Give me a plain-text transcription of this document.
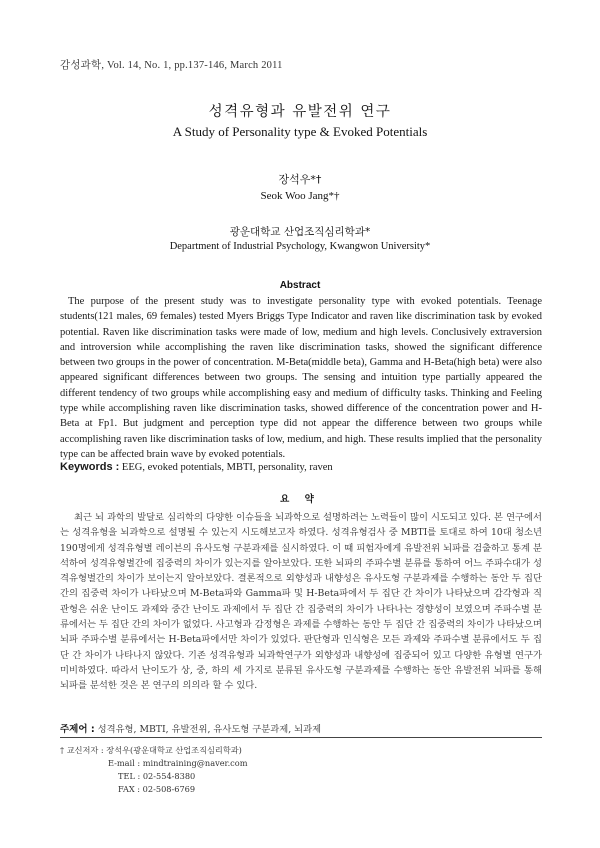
감성과학, Vol. 14, No. 1, pp.137-146, March 2011
성격유형과 유발전위 연구
A Study of Personality type & Evoked Potentials
장석우*†
Seok Woo Jang*†
광운대학교 산업조직심리학과*
Department of Industrial Psychology, Kwangwon University*
Abstract

The purpose of the present study was to investigate personality type with evoked potentials. Teenage students(121 males, 69 females) tested Myers Briggs Type Indicator and raven like discrimination task by evoked potential. Raven like discrimination tasks were made of low, medium and high levels. Conclusively extraversion and introversion while accomplishing the raven like discrimination tasks, showed the significant difference between two groups in the power of concentration. M-Beta(middle beta), Gamma and H-Beta(high beta) were also appeared significant differences between two groups. The sensing and intuition type partially appeared the different tendency of two groups while accomplishing easy and medium of difficulty tasks. Thinking and Feeling type while accomplishing raven like discrimination tasks, showed difference of the concentration power and H-Beta at Fp1. But judgment and perception type did not appear the difference between two groups while accomplishing raven like discrimination tasks of low, medium, and high. These results implied that the personality type can be affected brain wave by evoked potentials.

Keywords : EEG, evoked potentials, MBTI, personality, raven
요 약

최근 뇌 과학의 발달로 심리학의 다양한 이슈들을 뇌과학으로 설명하려는 노력들이 많이 시도되고 있다. 본 연구에서는 성격유형을 뇌과학으로 설명될 수 있는지 시도해보고자 하였다. 성격유형검사 중 MBTI를 토대로 하여 10대 청소년 190명에게 성격유형별 레이븐의 유사도형 구분과제를 실시하였다. 이 때 피험자에게 유발전위 뇌파를 검출하고 통계 분석하여 성격유형별간에 집중력의 차이가 있는지를 알아보았다. 또한 뇌파의 주파수별 분류를 통하여 어느 주파수대가 성격유형별간의 차이가 보이는지 알아보았다. 결론적으로 외향성과 내향성은 유사도형 구분과제를 수행하는 동안 두 집단 간의 집중력 차이가 나타났으며 M-Beta파와 Gamma파 및 H-Beta파에서 두 집단 간 차이가 나타났으며 감각형과 직관형은 쉬운 난이도 과제와 중간 난이도 과제에서 두 집단 간 집중력의 차이가 나타나는 경향성이 보였으며 주파수별 분류에서는 두 집단 간의 차이가 없었다. 사고형과 감정형은 과제를 수행하는 동안 두 집단 간 집중력의 차이가 나타났으며 뇌파 주파수별 분류에서는 H-Beta파에서만 차이가 있었다. 판단형과 인식형은 모든 과제와 주파수별 분류에서도 두 집단 간 차이가 나타나지 않았다. 기존 성격유형과 뇌과학연구가 외향성과 내향성에 집중되어 있고 다양한 유형별 연구가 미비하였다. 따라서 난이도가 상, 중, 하의 세 가지로 분류된 유사도형 구분과제를 수행하는 동안 유발전위 뇌파를 통해 뇌파를 분석한 것은 본 연구의 의의라 할 수 있다.

주제어 : 성격유형, MBTI, 유발전위, 유사도형 구분과제, 뇌과제
† 교신저자 : 장석우(광운대학교 산업조직심리학과)
E-mail : mindtraining@naver.com
TEL : 02-554-8380
FAX : 02-508-6769
